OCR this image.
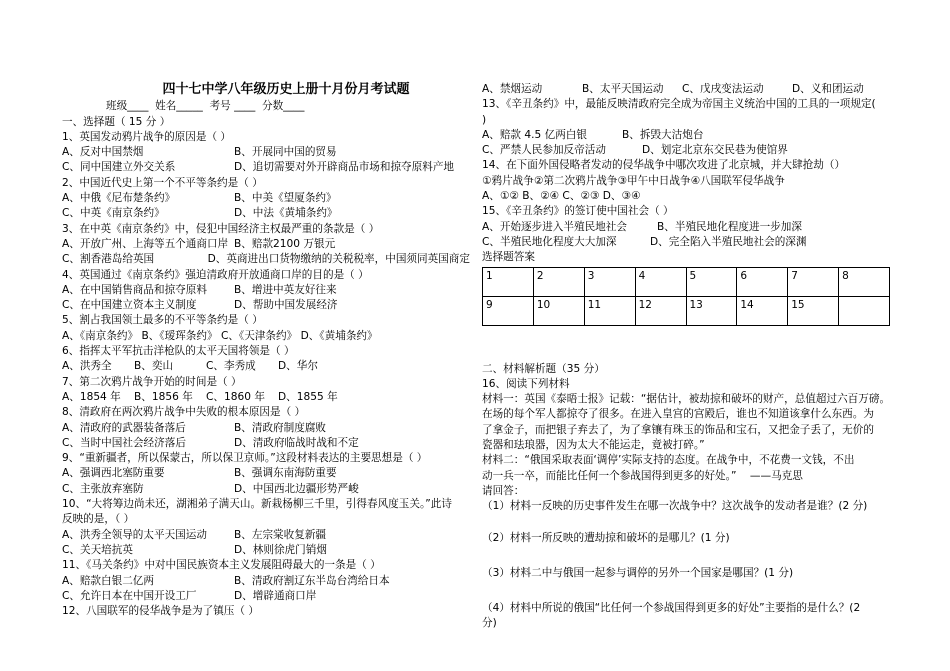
四十七中学八年级历史上册十月份月考试题
班级____  姓名_____  考号 ____  分数____
一、选择题（ 15 分 ）
1、英国发动鸦片战争的原因是（ ）
A、反对中国禁烟	B、开展同中国的贸易
C、同中国建立外交关系	D、追切需要对外开辟商品市场和掠夺原料产地
2、中国近代史上第一个不平等条约是（ ）
A、中俄《尼布楚条约》	B、中美《望厦条约》
C、中英《南京条约》	D、中法《黄埔条约》
3、在中英《南京条约》中，侵犯中国经济主权最严重的条款是（ ）
A、开放广州、上海等五个通商口岸 B、赔款2100 万银元
C、割香港岛给英国	D、英商进出口货物缴纳的关税税率，中国须同英国商定
4、英国通过《南京条约》强迫清政府开放通商口岸的目的是（ ）
A、在中国销售商品和掠夺原料	B、增进中英友好往来
C、在中国建立资本主义制度	D、帮助中国发展经济
5、割占我国领土最多的不平等条约是（ ）
A、《南京条约》 B、《瑷珲条约》 C、《天津条约》 D、《黄埔条约》
6、指挥太平军抗击洋枪队的太平天国将领是（ ）
A、洪秀全	B、奕山	C、李秀成	D、华尔
7、第二次鸦片战争开始的时间是（ ）
A、1854 年	B、1856 年	C、1860 年	D、1855 年
8、清政府在两次鸦片战争中失败的根本原因是（ ）
A、清政府的武器装备落后	B、清政府制度腐败
C、当时中国社会经济落后	D、清政府临战时战和不定
9、“重新疆者，所以保蒙古，所以保卫京师。”这段材料表达的主要思想是（ ）
A、强调西北塞防重要	B、强调东南海防重要
C、主张放弃塞防	D、中国西北边疆形势严峻
10、“大将筹边尚未还，湖湘弟子满天山。新栽杨柳三千里，引得春风度玉关。”此诗
反映的是，（ ）
A、洪秀全领导的太平天国运动	B、左宗棠收复新疆
C、关天培抗英	D、林则徐虎门销烟
11、《马关条约》中对中国民族资本主义发展阻碍最大的一条是（ ）
A、赔款白银二亿两	B、清政府割辽东半岛台湾给日本
C、允许日本在中国开设工厂	D、增辟通商口岸
12、八国联军的侵华战争是为了镇压（ ）
A、禁烟运动	B、太平天国运动	C、戊戌变法运动	D、义和团运动
13、《辛丑条约》中，最能反映清政府完全成为帝国主义统治中国的工具的一项规定(
)
A、赔款 4.5 亿两白银	B、拆毁大沽炮台
C、严禁人民参加反帝活动	D、划定北京东交民巷为使馆界
14、在下面外国侵略者发动的侵华战争中哪次攻进了北京城，并大肆抢劫（）
①鸦片战争②第二次鸦片战争③甲午中日战争④八国联军侵华战争
A、①② B、②④ C、②③ D、③④
15、《辛丑条约》的签订使中国社会（ ）
A、开始逐步进入半殖民地社会	B、半殖民地化程度进一步加深
C、半殖民地化程度大大加深	D、完全陷入半殖民地社会的深渊
选择题答案
1	2	3	4	5	6	7	8
9	10	11	12	13	14	15	
二、材料解析题（35 分）
16、阅读下列材料
材料一：英国《泰晤士报》记载：“据估计，被劫掠和破坏的财产，总值超过六百万磅。
在场的每个军人都掠夺了很多。在进入皇宫的宫殿后，谁也不知道该拿什么东西。为
了拿金子，而把银子弃去了，为了拿镶有珠玉的饰品和宝石，又把金子丢了，无价的
瓷器和珐琅器，因为太大不能运走，竟被打碎。”
材料二：“俄国采取表面‘调停’实际支持的态度。在战争中，不花费一文钱，不出
动一兵一卒，而能比任何一个参战国得到更多的好处。”    ——马克思
请回答：
（1）材料一反映的历史事件发生在哪一次战争中？这次战争的发动者是谁？(2 分)
（2）材料一所反映的遭劫掠和破坏的是哪儿？(1 分)
（3）材料二中与俄国一起参与调停的另外一个国家是哪国？(1 分)
（4）材料中所说的俄国“比任何一个参战国得到更多的好处”主要指的是什么？(2
分)
